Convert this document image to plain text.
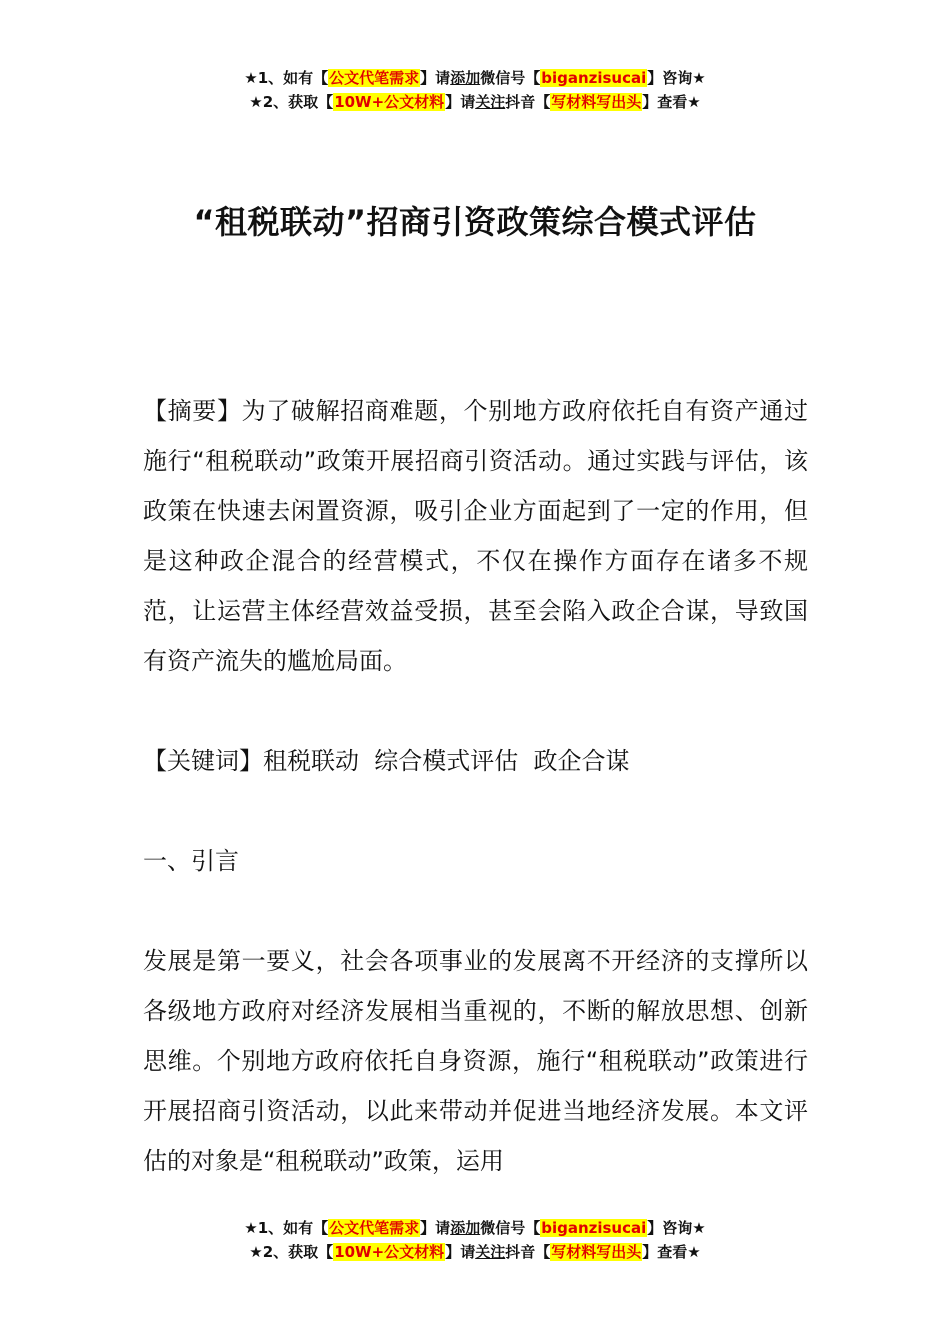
★1、如有【公文代笔需求】请添加微信号【biganzisucai】咨询★
★2、获取【10W+公文材料】请关注抖音【写材料写出头】查看★
“租税联动”招商引资政策综合模式评估

【摘要】为了破解招商难题，个别地方政府依托自有资产通过施行“租税联动”政策开展招商引资活动。通过实践与评估，该政策在快速去闲置资源，吸引企业方面起到了一定的作用，但是这种政企混合的经营模式，不仅在操作方面存在诸多不规范，让运营主体经营效益受损，甚至会陷入政企合谋，导致国有资产流失的尴尬局面。

【关键词】租税联动  综合模式评估  政企合谋

一、引言

发展是第一要义，社会各项事业的发展离不开经济的支撑所以各级地方政府对经济发展相当重视的，不断的解放思想、创新思维。个别地方政府依托自身资源，施行“租税联动”政策进行开展招商引资活动，以此来带动并促进当地经济发展。本文评估的对象是“租税联动”政策，运用

★1、如有【公文代笔需求】请添加微信号【biganzisucai】咨询★
★2、获取【10W+公文材料】请关注抖音【写材料写出头】查看★
